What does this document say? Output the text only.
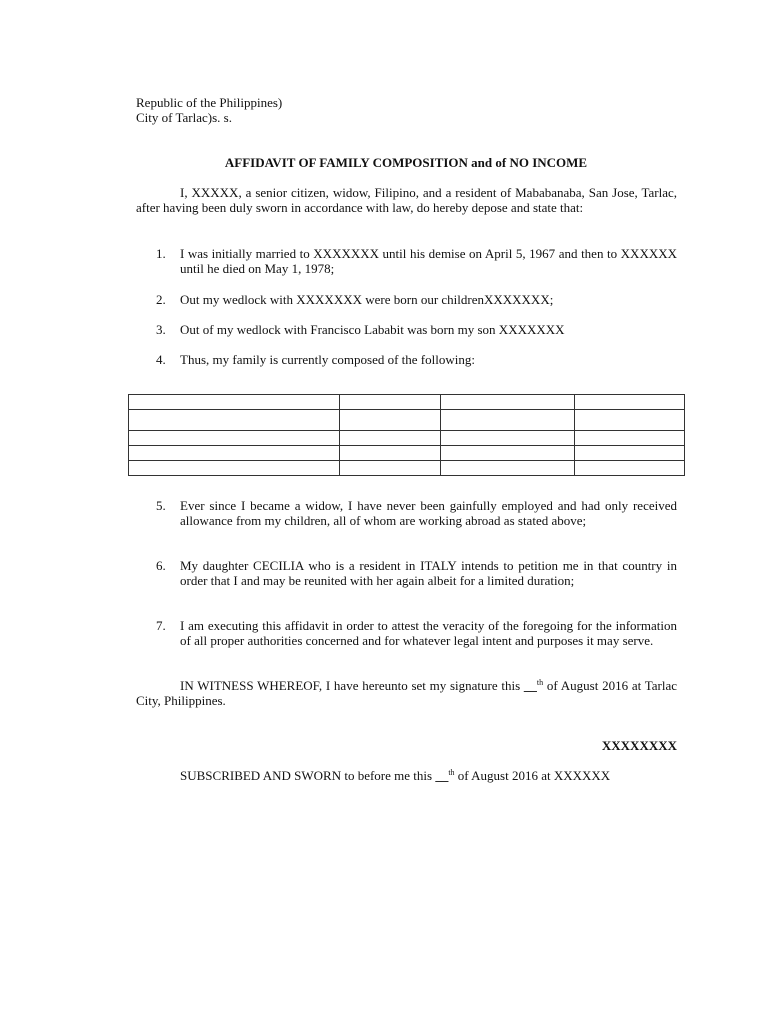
Republic of the Philippines)
City of Tarlac)s. s.
AFFIDAVIT OF FAMILY COMPOSITION and of NO INCOME

I, XXXXX, a senior citizen, widow, Filipino, and a resident of Mababanaba, San Jose, Tarlac, after having been duly sworn in accordance with law, do hereby depose and state that:

1. I was initially married to XXXXXXX until his demise on April 5, 1967 and then to XXXXXX until he died on May 1, 1978;
2. Out my wedlock with XXXXXXX were born our childrenXXXXXXX;
3. Out of my wedlock with Francisco Lababit was born my son XXXXXXX
4. Thus, my family is currently composed of the following:

5. Ever since I became a widow, I have never been gainfully employed and had only received allowance from my children, all of whom are working abroad as stated above;
6. My daughter CECILIA who is a resident in ITALY intends to petition me in that country in order that I and may be reunited with her again albeit for a limited duration;
7. I am executing this affidavit in order to attest the veracity of the foregoing for the information of all proper authorities concerned and for whatever legal intent and purposes it may serve.

IN WITNESS WHEREOF, I have hereunto set my signature this __$^{th}$ of August 2016 at Tarlac City, Philippines.

XXXXXXXX

SUBSCRIBED AND SWORN to before me this __$^{th}$ of August 2016 at XXXXXX
